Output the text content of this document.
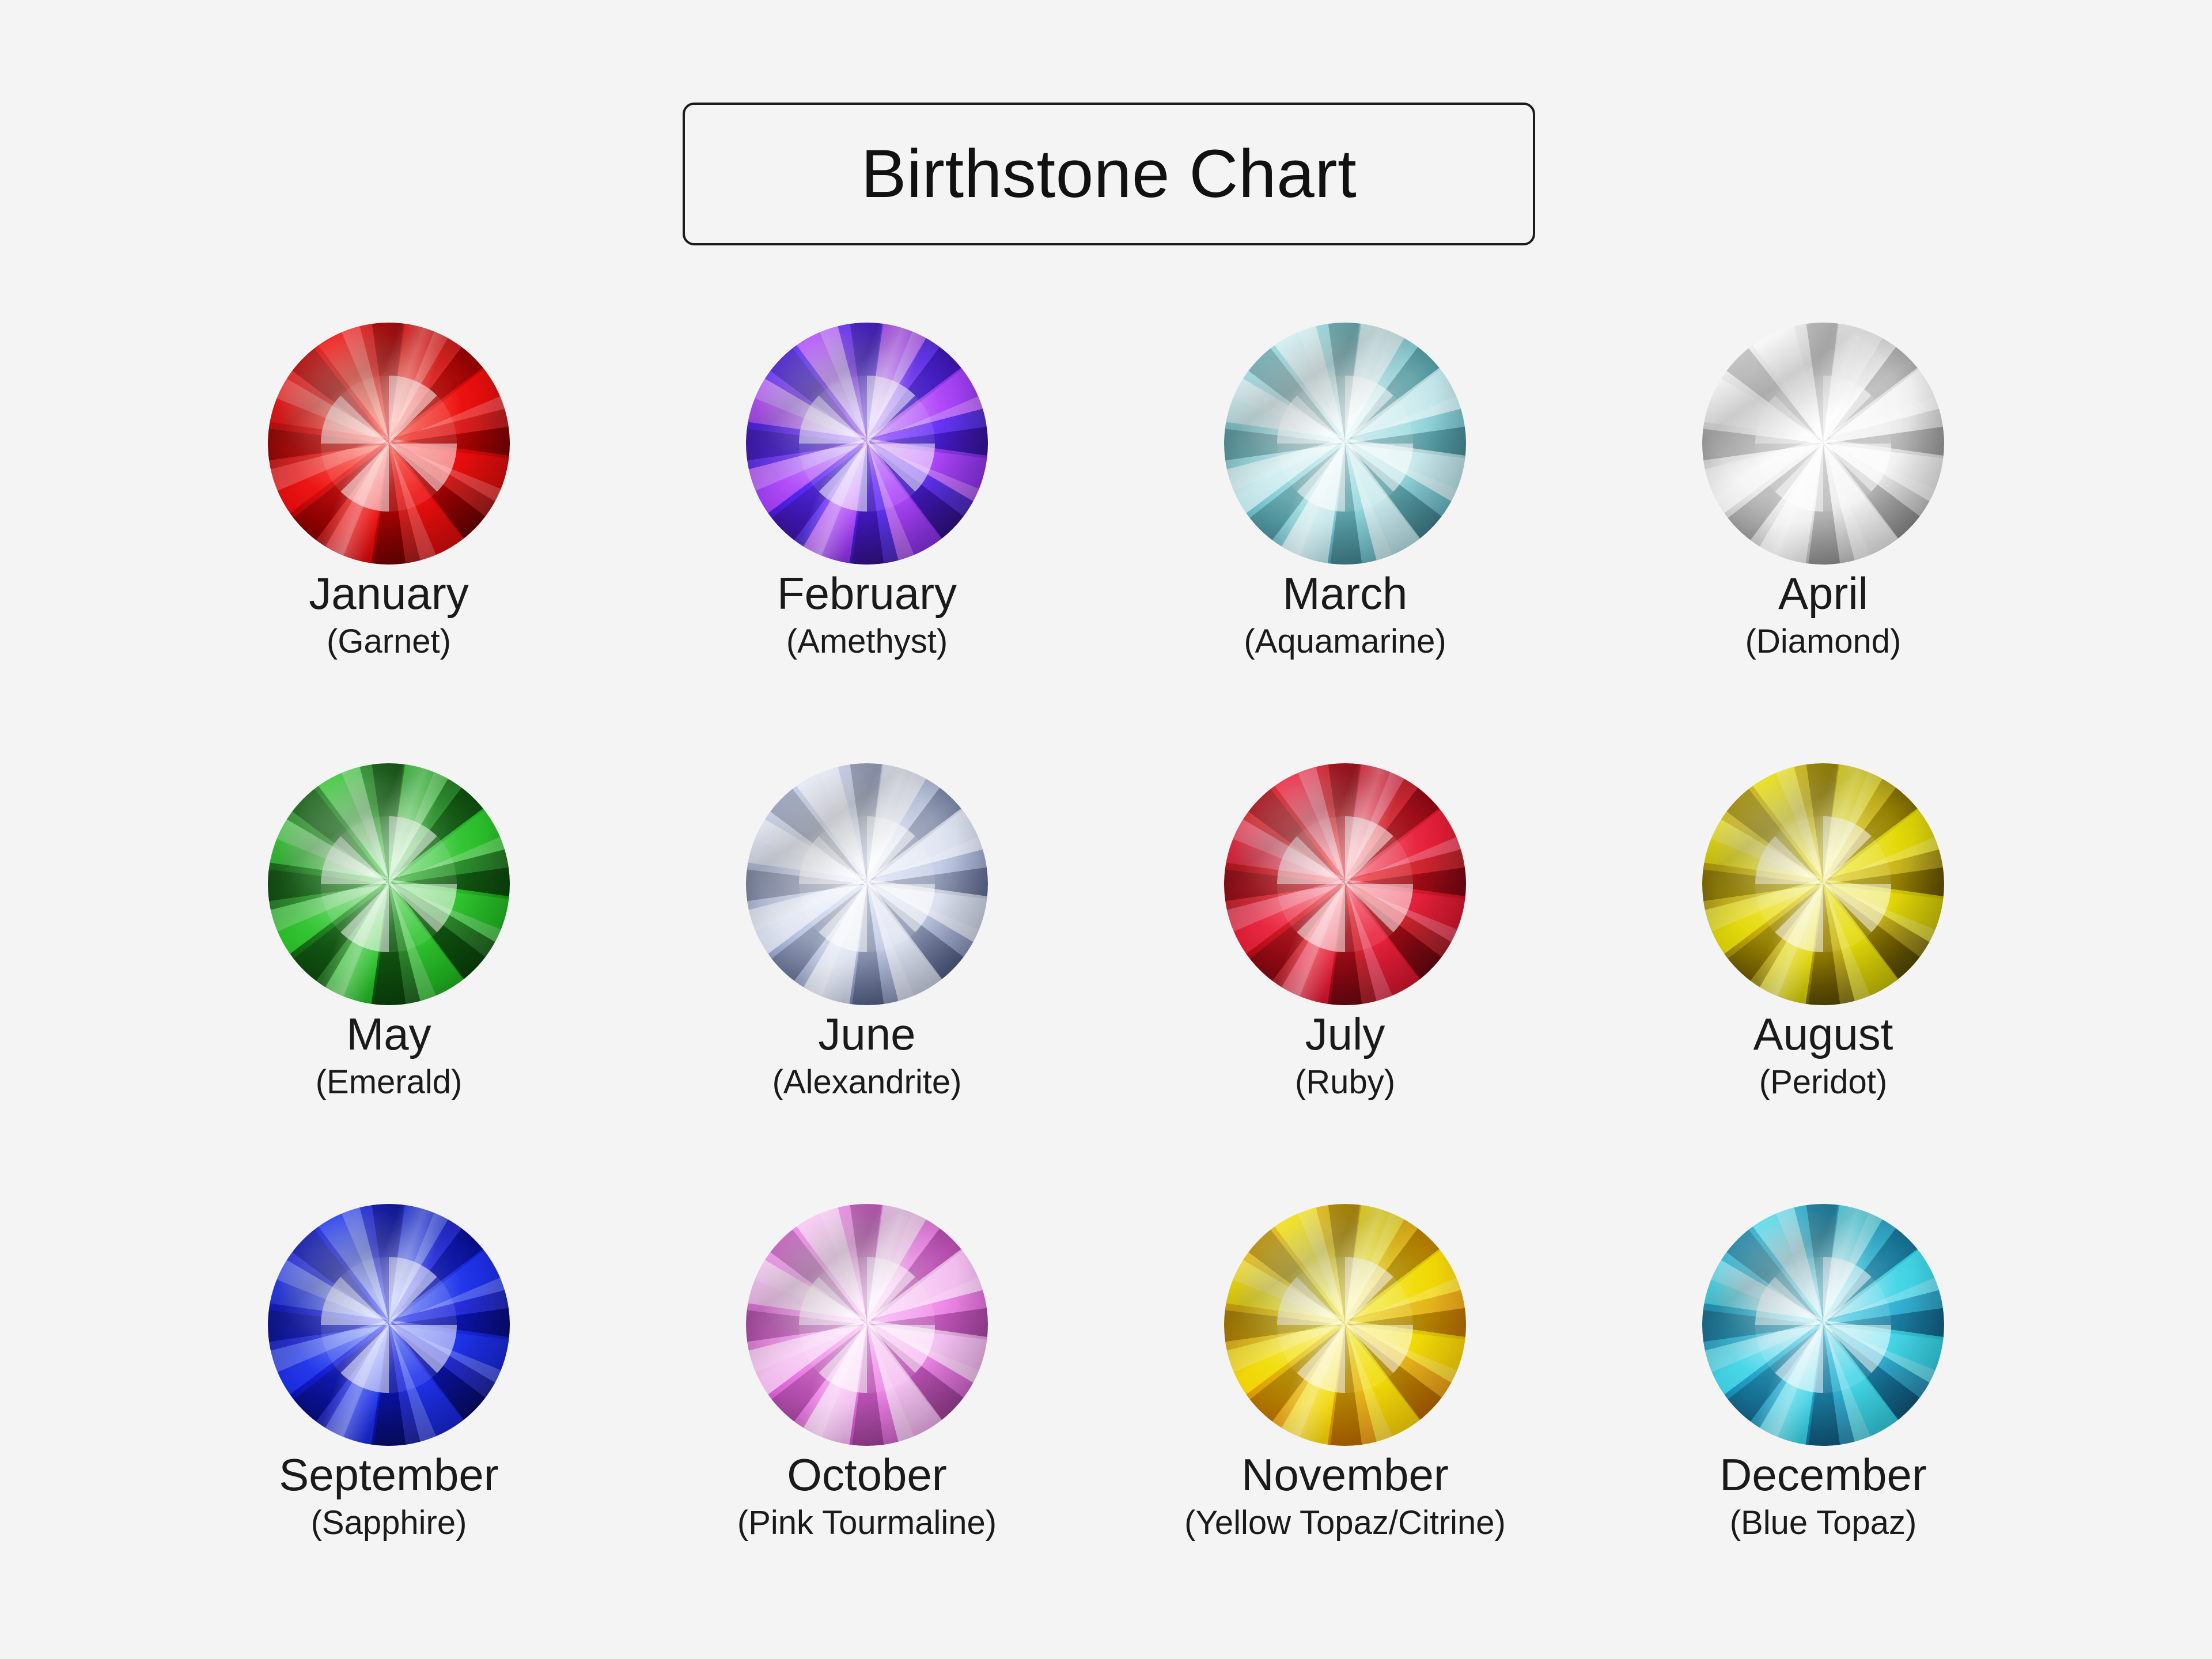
Birthstone Chart
January
(Garnet)
February
(Amethyst)
March
(Aquamarine)
April
(Diamond)
May
(Emerald)
June
(Alexandrite)
July
(Ruby)
August
(Peridot)
September
(Sapphire)
October
(Pink Tourmaline)
November
(Yellow Topaz/Citrine)
December
(Blue Topaz)
